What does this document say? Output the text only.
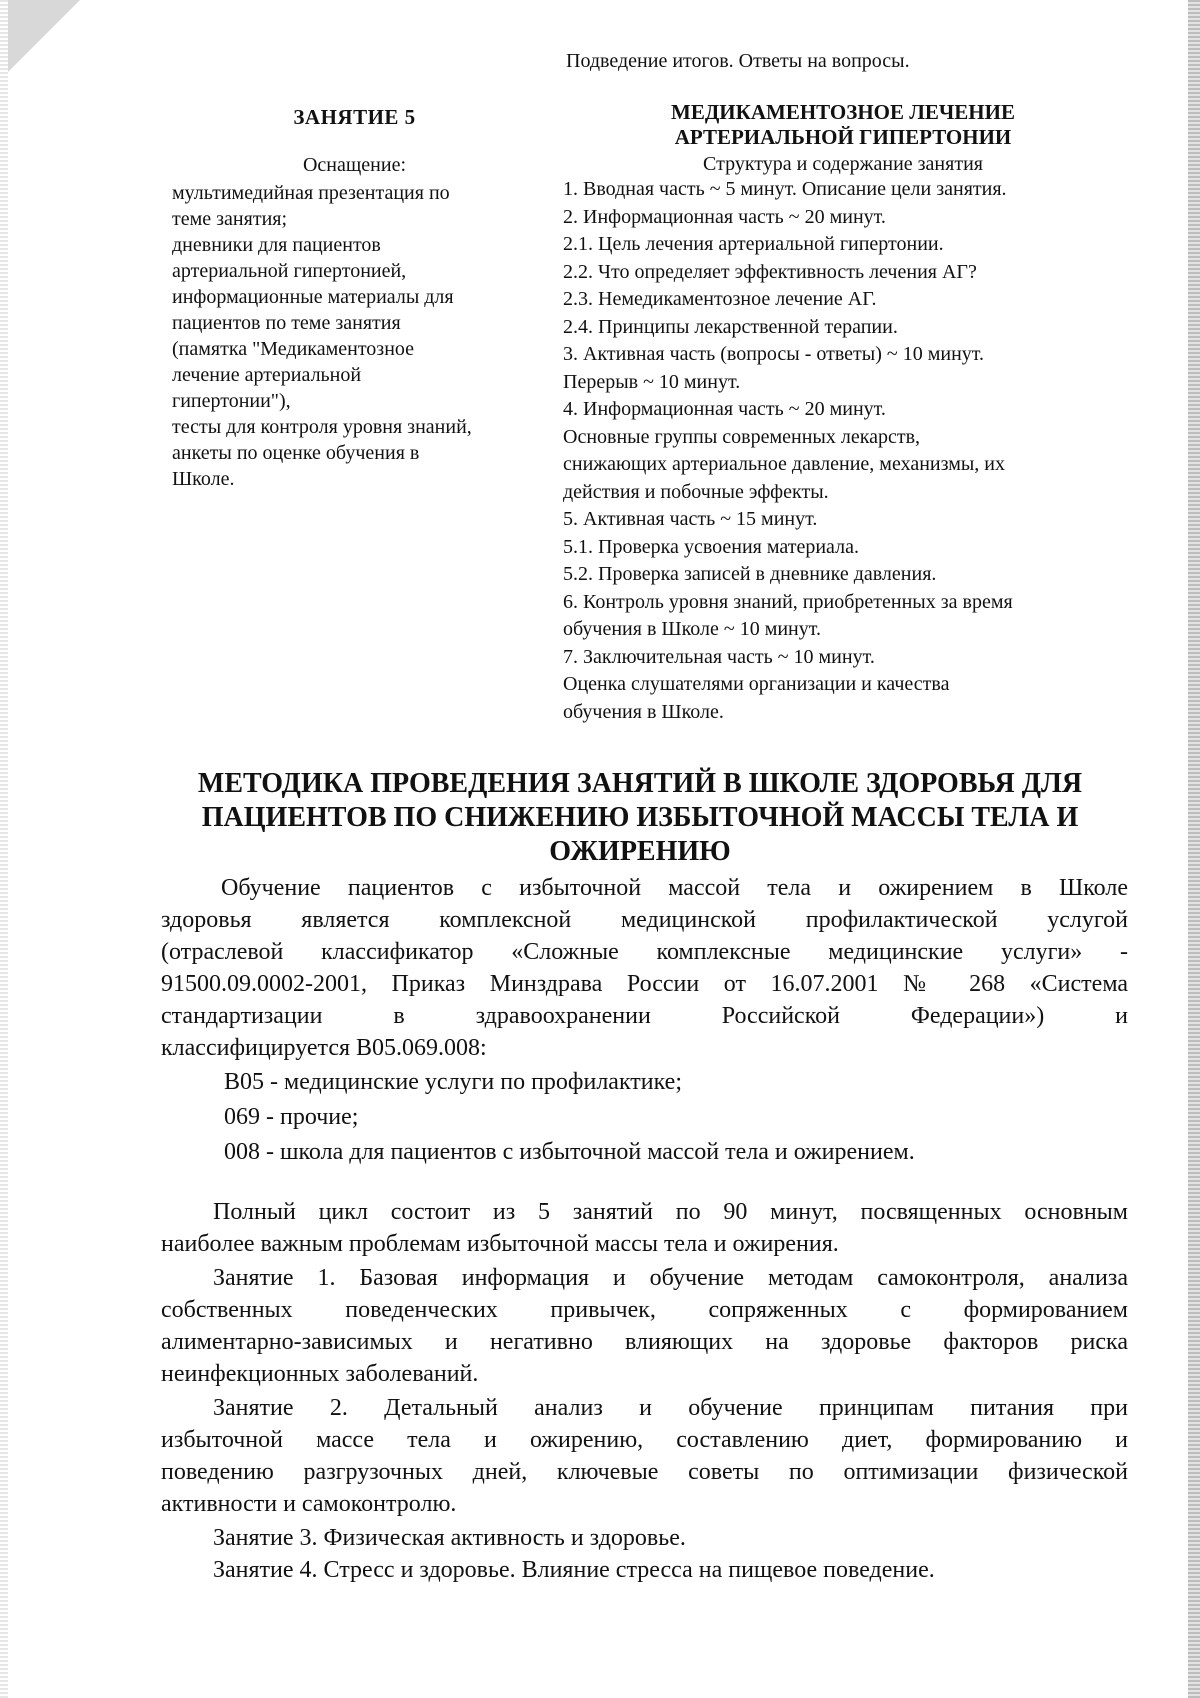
Подведение итогов. Ответы на вопросы.
ЗАНЯТИЕ 5
Оснащение:
мультимедийная презентация по
теме занятия;
дневники для пациентов
артериальной гипертонией,
информационные материалы для
пациентов по теме занятия
(памятка "Медикаментозное
лечение артериальной
гипертонии"),
тесты для контроля уровня знаний,
анкеты по оценке обучения в
Школе.
МЕДИКАМЕНТОЗНОЕ ЛЕЧЕНИЕ
АРТЕРИАЛЬНОЙ ГИПЕРТОНИИ
Структура и содержание занятия
1. Вводная часть ~ 5 минут. Описание цели занятия.
2. Информационная часть ~ 20 минут.
2.1. Цель лечения артериальной гипертонии.
2.2. Что определяет эффективность лечения АГ?
2.3. Немедикаментозное лечение АГ.
2.4. Принципы лекарственной терапии.
3. Активная часть (вопросы - ответы) ~ 10 минут.
Перерыв ~ 10 минут.
4. Информационная часть ~ 20 минут.
Основные группы современных лекарств,
снижающих артериальное давление, механизмы, их
действия и побочные эффекты.
5. Активная часть ~ 15 минут.
5.1. Проверка усвоения материала.
5.2. Проверка записей в дневнике давления.
6. Контроль уровня знаний, приобретенных за время
обучения в Школе ~ 10 минут.
7. Заключительная часть ~ 10 минут.
Оценка слушателями организации и качества
обучения в Школе.
МЕТОДИКА ПРОВЕДЕНИЯ ЗАНЯТИЙ В ШКОЛЕ ЗДОРОВЬЯ ДЛЯ
ПАЦИЕНТОВ ПО СНИЖЕНИЮ ИЗБЫТОЧНОЙ МАССЫ ТЕЛА И
ОЖИРЕНИЮ
Обучение пациентов с избыточной массой тела и ожирением в Школе
здоровья является комплексной медицинской профилактической услугой
(отраслевой классификатор «Сложные комплексные медицинские услуги» -
91500.09.0002-2001, Приказ Минздрава России от 16.07.2001 № 268 «Система
стандартизации в здравоохранении Российской Федерации») и
классифицируется В05.069.008:
В05 - медицинские услуги по профилактике;
069 - прочие;
008 - школа для пациентов с избыточной массой тела и ожирением.
Полный цикл состоит из 5 занятий по 90 минут, посвященных основным
наиболее важным проблемам избыточной массы тела и ожирения.
Занятие 1. Базовая информация и обучение методам самоконтроля, анализа
собственных поведенческих привычек, сопряженных с формированием
алиментарно-зависимых и негативно влияющих на здоровье факторов риска
неинфекционных заболеваний.
Занятие 2. Детальный анализ и обучение принципам питания при
избыточной массе тела и ожирению, составлению диет, формированию и
поведению разгрузочных дней, ключевые советы по оптимизации физической
активности и самоконтролю.
Занятие 3. Физическая активность и здоровье.
Занятие 4. Стресс и здоровье. Влияние стресса на пищевое поведение.
